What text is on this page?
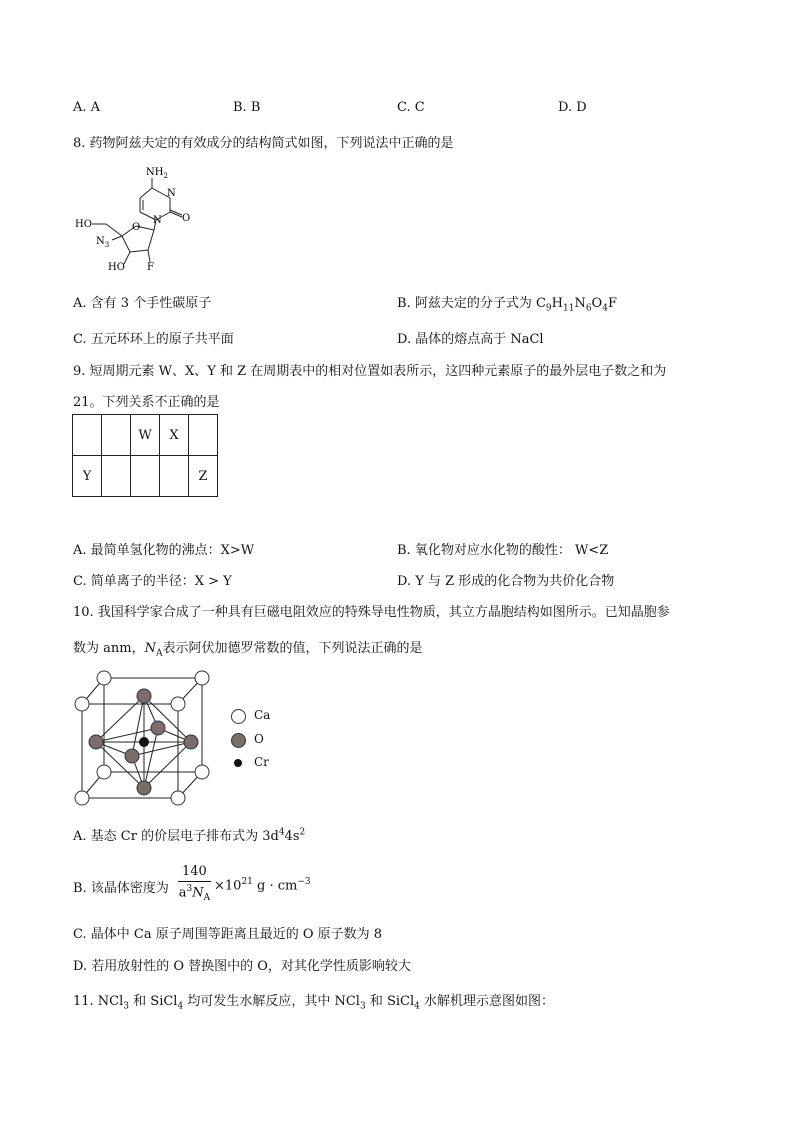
A. A	B. B	C. C	D. D
8. 药物阿兹夫定的有效成分的结构简式如图，下列说法中正确的是
$NH_2$
N
N O
O
HO
$N_3$
HO F
A. 含有 3 个手性碳原子	B. 阿兹夫定的分子式为 $C_9H_{11}N_6O_4F$
C. 五元环环上的原子共平面	D. 晶体的熔点高于 NaCl
9. 短周期元素 W、X、Y 和 Z 在周期表中的相对位置如表所示，这四种元素原子的最外层电子数之和为
21。下列关系不正确的是
		W	X	
Y				Z
A. 最简单氢化物的沸点：X>W	B. 氧化物对应水化物的酸性： W<Z
C. 简单离子的半径：X > Y	D. Y 与 Z 形成的化合物为共价化合物
10. 我国科学家合成了一种具有巨磁电阻效应的特殊导电性物质，其立方晶胞结构如图所示。已知晶胞参
数为 anm，$N_A$表示阿伏加德罗常数的值，下列说法正确的是
Ca
O
Cr
A. 基态 Cr 的价层电子排布式为 $3d^44s^2$
B. 该晶体密度为 $\frac{140}{a^3N_A} \times 10^{21}$ $g \cdot cm^{-3}$
C. 晶体中 Ca 原子周围等距离且最近的 O 原子数为 8
D. 若用放射性的 O 替换图中的 O，对其化学性质影响较大
11. NCl$_3$ 和 SiCl$_4$ 均可发生水解反应，其中 NCl$_3$ 和 SiCl$_4$ 水解机理示意图如图：
